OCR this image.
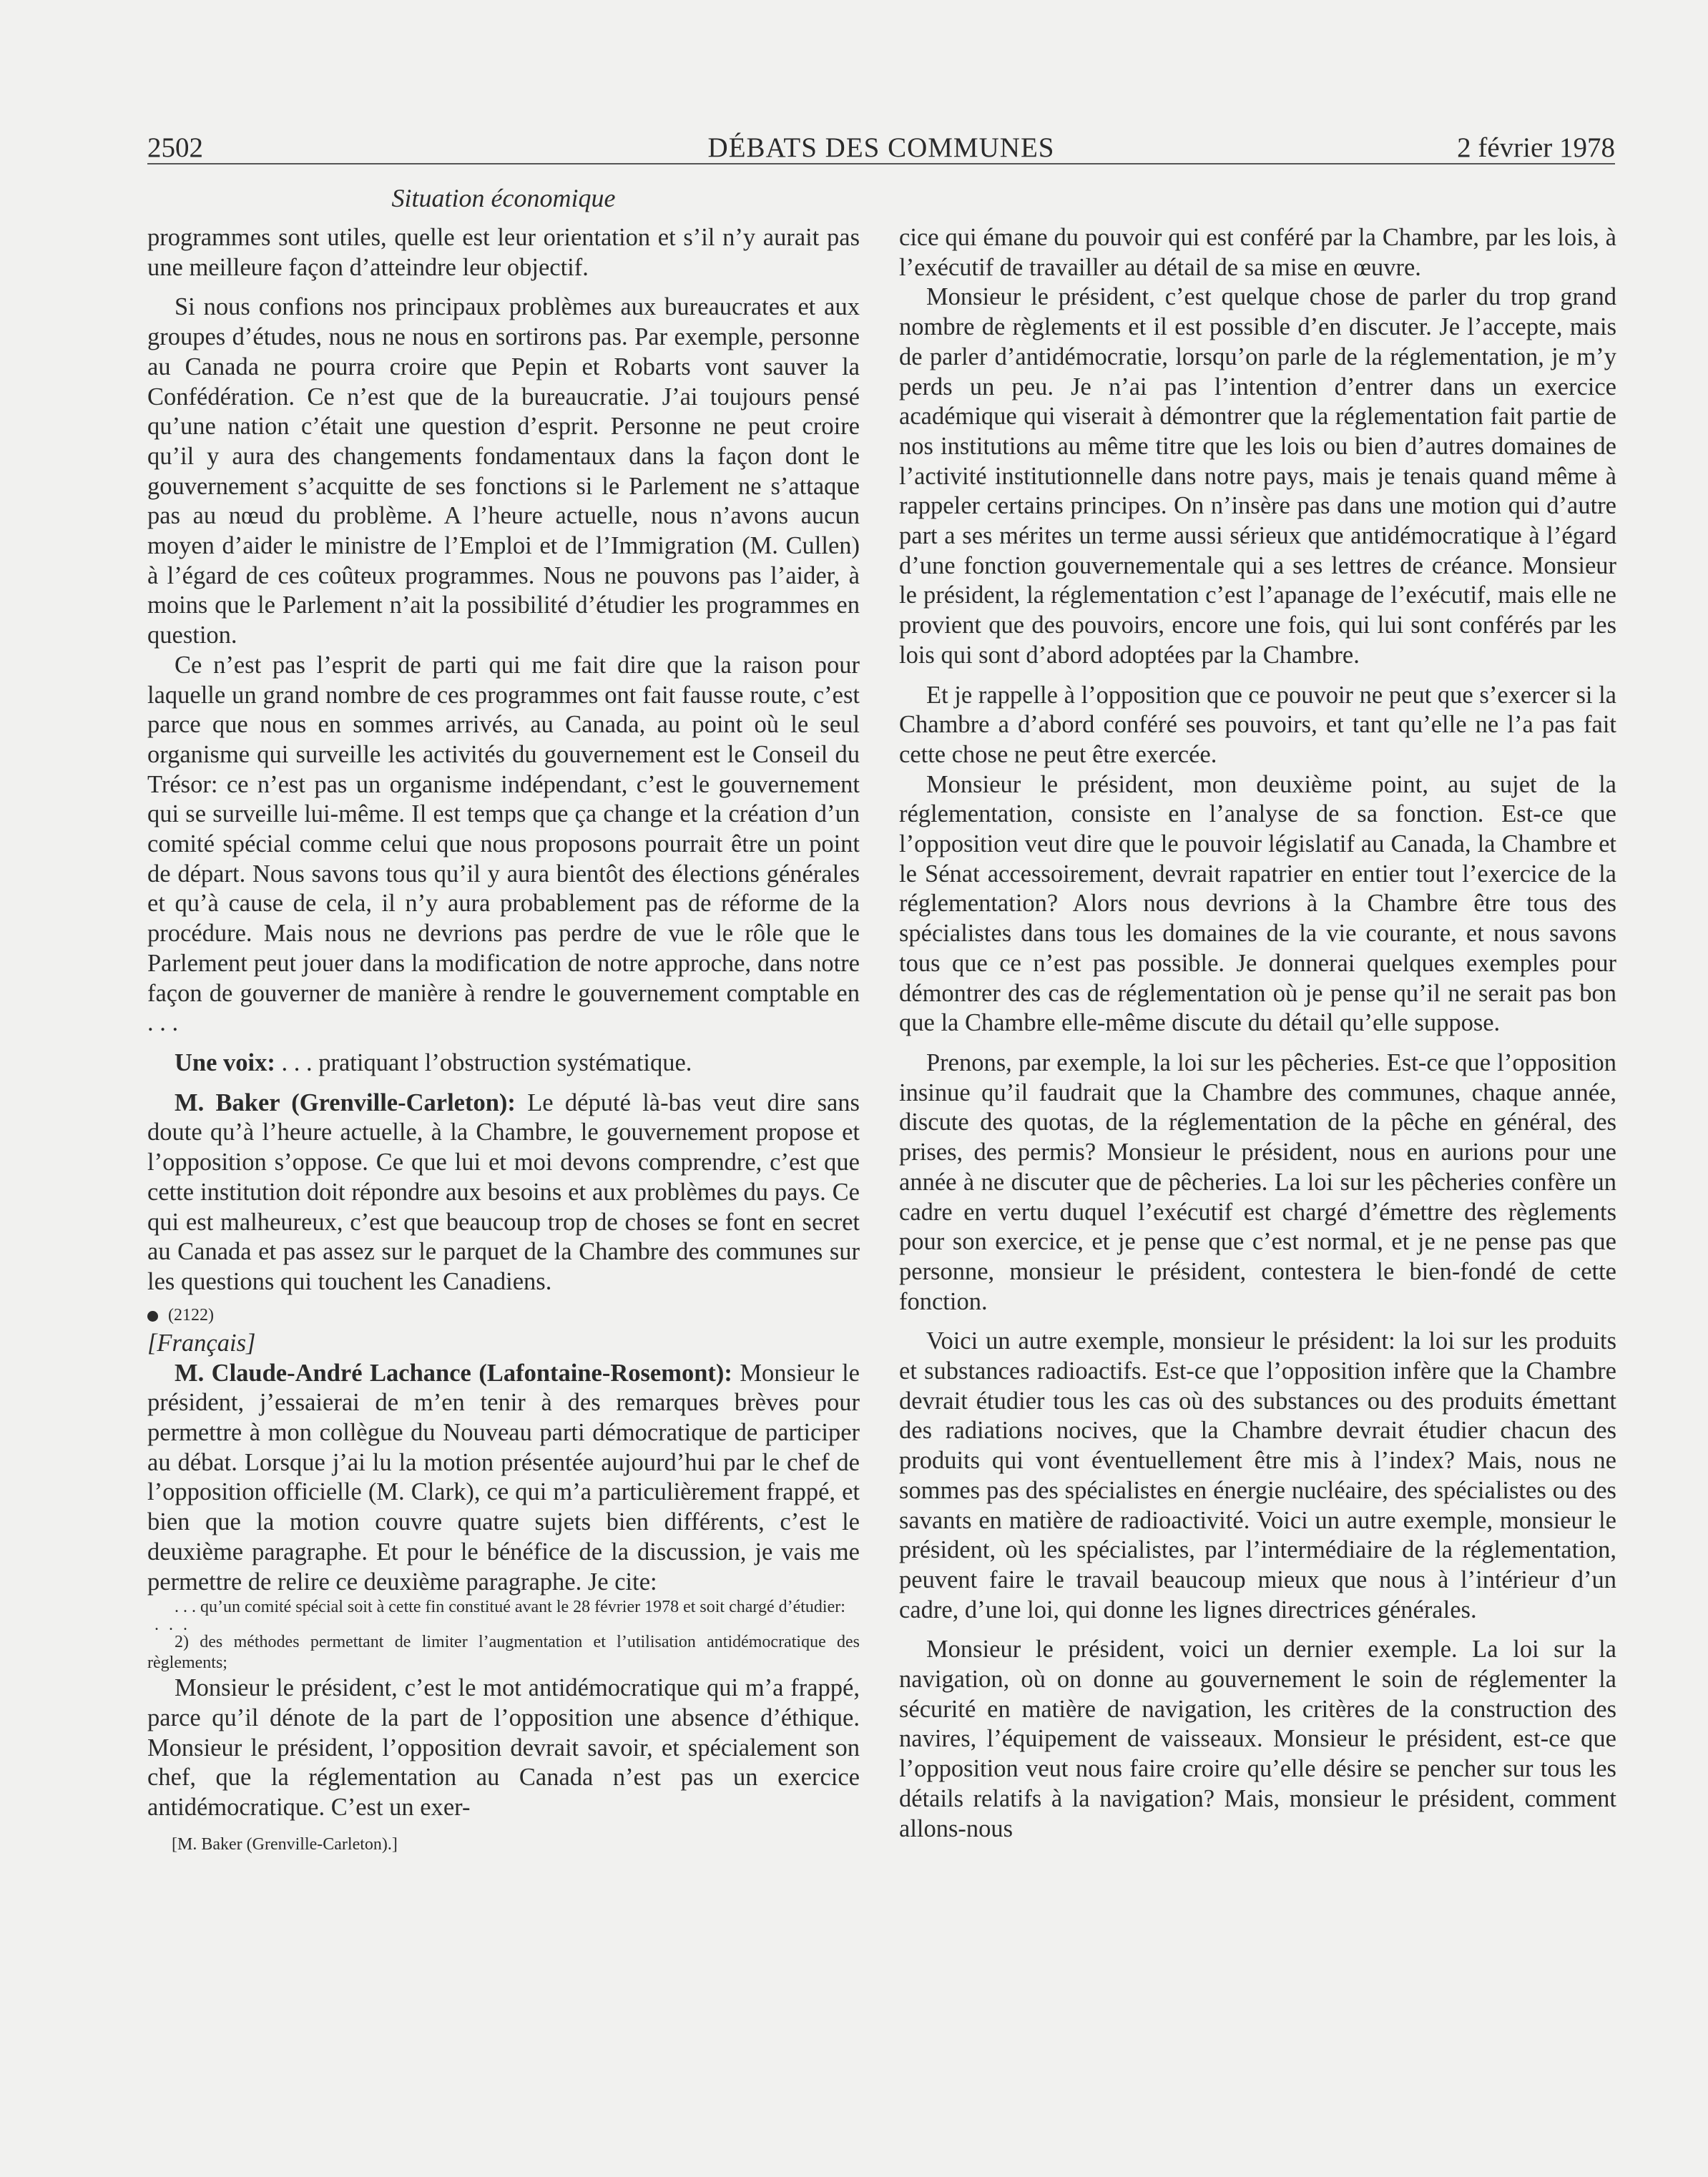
2502	DÉBATS DES COMMUNES	2 février 1978
Situation économique

programmes sont utiles, quelle est leur orientation et s’il n’y aurait pas une meilleure façon d’atteindre leur objectif.

Si nous confions nos principaux problèmes aux bureaucrates et aux groupes d’études, nous ne nous en sortirons pas. Par exemple, personne au Canada ne pourra croire que Pepin et Robarts vont sauver la Confédération. Ce n’est que de la bureaucratie. J’ai toujours pensé qu’une nation c’était une question d’esprit. Personne ne peut croire qu’il y aura des changements fondamentaux dans la façon dont le gouvernement s’acquitte de ses fonctions si le Parlement ne s’attaque pas au nœud du problème. A l’heure actuelle, nous n’avons aucun moyen d’aider le ministre de l’Emploi et de l’Immigration (M. Cullen) à l’égard de ces coûteux programmes. Nous ne pouvons pas l’aider, à moins que le Parlement n’ait la possibilité d’étudier les programmes en question.

Ce n’est pas l’esprit de parti qui me fait dire que la raison pour laquelle un grand nombre de ces programmes ont fait fausse route, c’est parce que nous en sommes arrivés, au Canada, au point où le seul organisme qui surveille les activités du gouvernement est le Conseil du Trésor: ce n’est pas un organisme indépendant, c’est le gouvernement qui se surveille lui-même. Il est temps que ça change et la création d’un comité spécial comme celui que nous proposons pourrait être un point de départ. Nous savons tous qu’il y aura bientôt des élections générales et qu’à cause de cela, il n’y aura probablement pas de réforme de la procédure. Mais nous ne devrions pas perdre de vue le rôle que le Parlement peut jouer dans la modification de notre approche, dans notre façon de gouverner de manière à rendre le gouvernement comptable en . . .

Une voix: . . . pratiquant l’obstruction systématique.

M. Baker (Grenville-Carleton): Le député là-bas veut dire sans doute qu’à l’heure actuelle, à la Chambre, le gouvernement propose et l’opposition s’oppose. Ce que lui et moi devons comprendre, c’est que cette institution doit répondre aux besoins et aux problèmes du pays. Ce qui est malheureux, c’est que beaucoup trop de choses se font en secret au Canada et pas assez sur le parquet de la Chambre des communes sur les questions qui touchent les Canadiens.

(2122)
[Français]

M. Claude-André Lachance (Lafontaine-Rosemont): Monsieur le président, j’essaierai de m’en tenir à des remarques brèves pour permettre à mon collègue du Nouveau parti démocratique de participer au débat. Lorsque j’ai lu la motion présentée aujourd’hui par le chef de l’opposition officielle (M. Clark), ce qui m’a particulièrement frappé, et bien que la motion couvre quatre sujets bien différents, c’est le deuxième paragraphe. Et pour le bénéfice de la discussion, je vais me permettre de relire ce deuxième paragraphe. Je cite:

. . . qu’un comité spécial soit à cette fin constitué avant le 28 février 1978 et soit chargé d’étudier:

. . .

2) des méthodes permettant de limiter l’augmentation et l’utilisation antidémocratique des règlements;

Monsieur le président, c’est le mot antidémocratique qui m’a frappé, parce qu’il dénote de la part de l’opposition une absence d’éthique. Monsieur le président, l’opposition devrait savoir, et spécialement son chef, que la réglementation au Canada n’est pas un exercice antidémocratique. C’est un exer-

[M. Baker (Grenville-Carleton).]

cice qui émane du pouvoir qui est conféré par la Chambre, par les lois, à l’exécutif de travailler au détail de sa mise en œuvre.

Monsieur le président, c’est quelque chose de parler du trop grand nombre de règlements et il est possible d’en discuter. Je l’accepte, mais de parler d’antidémocratie, lorsqu’on parle de la réglementation, je m’y perds un peu. Je n’ai pas l’intention d’entrer dans un exercice académique qui viserait à démontrer que la réglementation fait partie de nos institutions au même titre que les lois ou bien d’autres domaines de l’activité institutionnelle dans notre pays, mais je tenais quand même à rappeler certains principes. On n’insère pas dans une motion qui d’autre part a ses mérites un terme aussi sérieux que antidémocratique à l’égard d’une fonction gouvernementale qui a ses lettres de créance. Monsieur le président, la réglementation c’est l’apanage de l’exécutif, mais elle ne provient que des pouvoirs, encore une fois, qui lui sont conférés par les lois qui sont d’abord adoptées par la Chambre.

Et je rappelle à l’opposition que ce pouvoir ne peut que s’exercer si la Chambre a d’abord conféré ses pouvoirs, et tant qu’elle ne l’a pas fait cette chose ne peut être exercée.

Monsieur le président, mon deuxième point, au sujet de la réglementation, consiste en l’analyse de sa fonction. Est-ce que l’opposition veut dire que le pouvoir législatif au Canada, la Chambre et le Sénat accessoirement, devrait rapatrier en entier tout l’exercice de la réglementation? Alors nous devrions à la Chambre être tous des spécialistes dans tous les domaines de la vie courante, et nous savons tous que ce n’est pas possible. Je donnerai quelques exemples pour démontrer des cas de réglementation où je pense qu’il ne serait pas bon que la Chambre elle-même discute du détail qu’elle suppose.

Prenons, par exemple, la loi sur les pêcheries. Est-ce que l’opposition insinue qu’il faudrait que la Chambre des communes, chaque année, discute des quotas, de la réglementation de la pêche en général, des prises, des permis? Monsieur le président, nous en aurions pour une année à ne discuter que de pêcheries. La loi sur les pêcheries confère un cadre en vertu duquel l’exécutif est chargé d’émettre des règlements pour son exercice, et je pense que c’est normal, et je ne pense pas que personne, monsieur le président, contestera le bien-fondé de cette fonction.

Voici un autre exemple, monsieur le président: la loi sur les produits et substances radioactifs. Est-ce que l’opposition infère que la Chambre devrait étudier tous les cas où des substances ou des produits émettant des radiations nocives, que la Chambre devrait étudier chacun des produits qui vont éventuellement être mis à l’index? Mais, nous ne sommes pas des spécialistes en énergie nucléaire, des spécialistes ou des savants en matière de radioactivité. Voici un autre exemple, monsieur le président, où les spécialistes, par l’intermédiaire de la réglementation, peuvent faire le travail beaucoup mieux que nous à l’intérieur d’un cadre, d’une loi, qui donne les lignes directrices générales.

Monsieur le président, voici un dernier exemple. La loi sur la navigation, où on donne au gouvernement le soin de réglementer la sécurité en matière de navigation, les critères de la construction des navires, l’équipement de vaisseaux. Monsieur le président, est-ce que l’opposition veut nous faire croire qu’elle désire se pencher sur tous les détails relatifs à la navigation? Mais, monsieur le président, comment allons-nous
